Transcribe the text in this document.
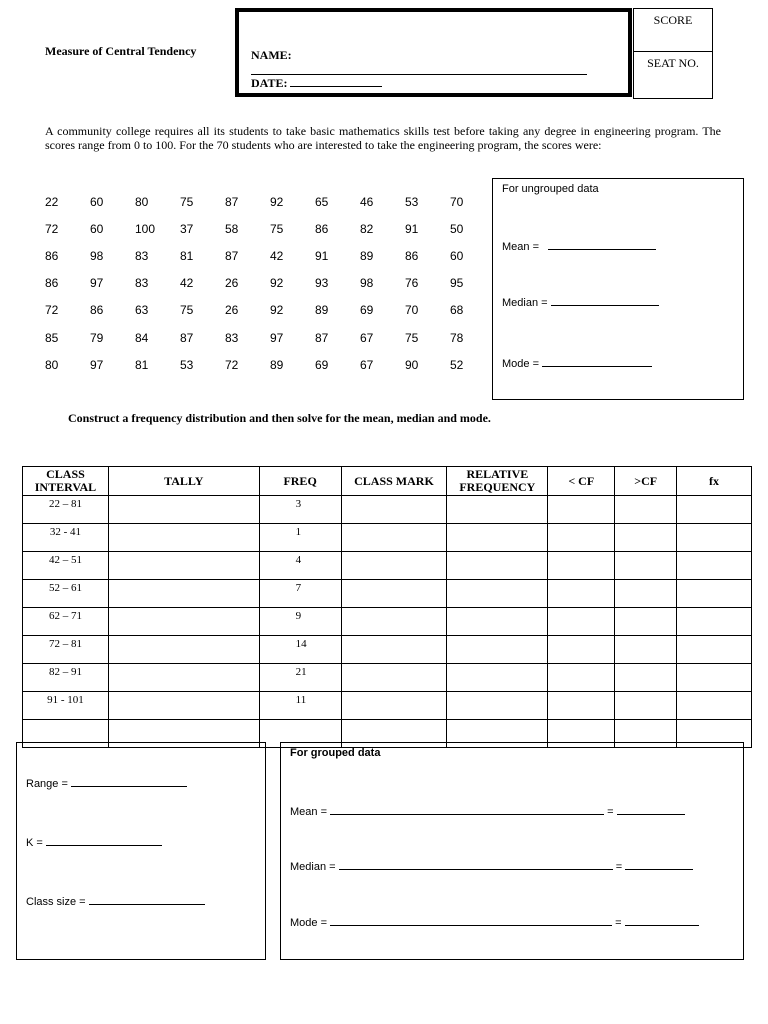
Measure of Central Tendency	NAME:
DATE:
SCORE
SEAT NO.
A community college requires all its students to take basic mathematics skills test before taking any degree in engineering program. The scores range from 0 to 100. For the 70 students who are interested to take the engineering program, the scores were:
22	60	80	75	87	92	65	46	53	70
72	60	100	37	58	75	86	82	91	50
86	98	83	81	87	42	91	89	86	60
86	97	83	42	26	92	93	98	76	95
72	86	63	75	26	92	89	69	70	68
85	79	84	87	83	97	87	67	75	78
80	97	81	53	72	89	69	67	90	52
For ungrouped data
Mean =
Median =
Mode =
Construct a frequency distribution and then solve for the mean, median and mode.
CLASS INTERVAL	TALLY	FREQ	CLASS MARK	RELATIVE FREQUENCY	< CF	>CF	fx
22 – 81		3					
32 - 41		1					
42 – 51		4					
52 – 61		7					
62 – 71		9					
72 – 81		14					
82 – 91		21					
91 - 101		11					

Range =
K =
Class size =
For grouped data
Mean =	=
Median =	=
Mode =	=
